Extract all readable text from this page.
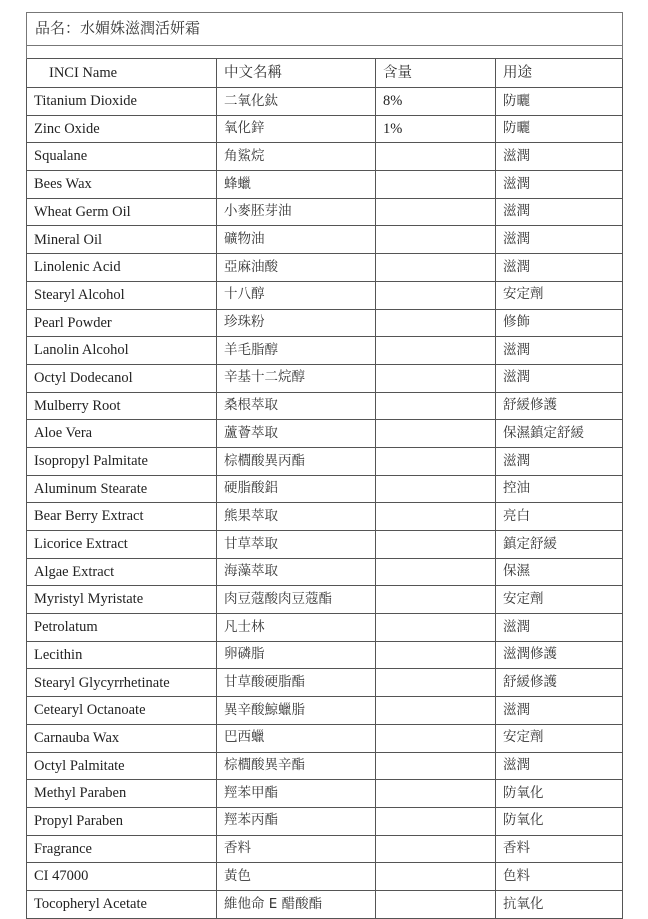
品名：水媚姝滋潤活妍霜			

INCI Name	中文名稱	含量	用途
Titanium Dioxide	二氧化鈦	8%	防曬
Zinc Oxide	氧化鋅	1%	防曬
Squalane	角鯊烷		滋潤
Bees Wax	蜂蠟		滋潤
Wheat Germ Oil	小麥胚芽油		滋潤
Mineral Oil	礦物油		滋潤
Linolenic Acid	亞麻油酸		滋潤
Stearyl Alcohol	十八醇		安定劑
Pearl Powder	珍珠粉		修飾
Lanolin Alcohol	羊毛脂醇		滋潤
Octyl Dodecanol	辛基十二烷醇		滋潤
Mulberry Root	桑根萃取		舒緩修護
Aloe Vera	蘆薈萃取		保濕鎮定舒緩
Isopropyl Palmitate	棕櫚酸異丙酯		滋潤
Aluminum Stearate	硬脂酸鋁		控油
Bear Berry Extract	熊果萃取		亮白
Licorice Extract	甘草萃取		鎮定舒緩
Algae Extract	海藻萃取		保濕
Myristyl Myristate	肉豆蔻酸肉豆蔻酯		安定劑
Petrolatum	凡士林		滋潤
Lecithin	卵磷脂		滋潤修護
Stearyl Glycyrrhetinate	甘草酸硬脂酯		舒緩修護
Cetearyl Octanoate	異辛酸鯨蠟脂		滋潤
Carnauba Wax	巴西蠟		安定劑
Octyl Palmitate	棕櫚酸異辛酯		滋潤
Methyl Paraben	羥苯甲酯		防氧化
Propyl Paraben	羥苯丙酯		防氧化
Fragrance	香料		香料
CI 47000	黃色		色料
Tocopheryl Acetate	維他命 E 醋酸酯		抗氧化
